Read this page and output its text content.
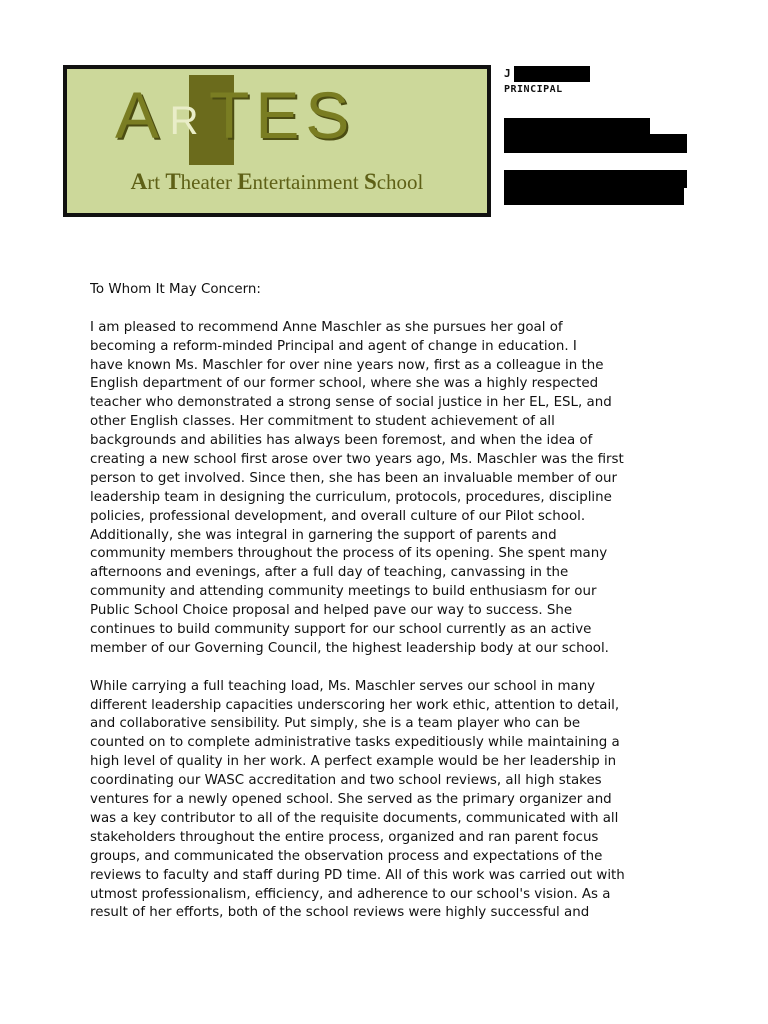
A RTES
Art Theater Entertainment School
J
PRINCIPAL
To Whom It May Concern:
I am pleased to recommend Anne Maschler as she pursues her goal of
becoming a reform-minded Principal and agent of change in education. I
have known Ms. Maschler for over nine years now, first as a colleague in the
English department of our former school, where she was a highly respected
teacher who demonstrated a strong sense of social justice in her EL, ESL, and
other English classes. Her commitment to student achievement of all
backgrounds and abilities has always been foremost, and when the idea of
creating a new school first arose over two years ago, Ms. Maschler was the first
person to get involved. Since then, she has been an invaluable member of our
leadership team in designing the curriculum, protocols, procedures, discipline
policies, professional development, and overall culture of our Pilot school.
Additionally, she was integral in garnering the support of parents and
community members throughout the process of its opening. She spent many
afternoons and evenings, after a full day of teaching, canvassing in the
community and attending community meetings to build enthusiasm for our
Public School Choice proposal and helped pave our way to success. She
continues to build community support for our school currently as an active
member of our Governing Council, the highest leadership body at our school.
While carrying a full teaching load, Ms. Maschler serves our school in many
different leadership capacities underscoring her work ethic, attention to detail,
and collaborative sensibility. Put simply, she is a team player who can be
counted on to complete administrative tasks expeditiously while maintaining a
high level of quality in her work. A perfect example would be her leadership in
coordinating our WASC accreditation and two school reviews, all high stakes
ventures for a newly opened school. She served as the primary organizer and
was a key contributor to all of the requisite documents, communicated with all
stakeholders throughout the entire process, organized and ran parent focus
groups, and communicated the observation process and expectations of the
reviews to faculty and staff during PD time. All of this work was carried out with
utmost professionalism, efficiency, and adherence to our school's vision. As a
result of her efforts, both of the school reviews were highly successful and
